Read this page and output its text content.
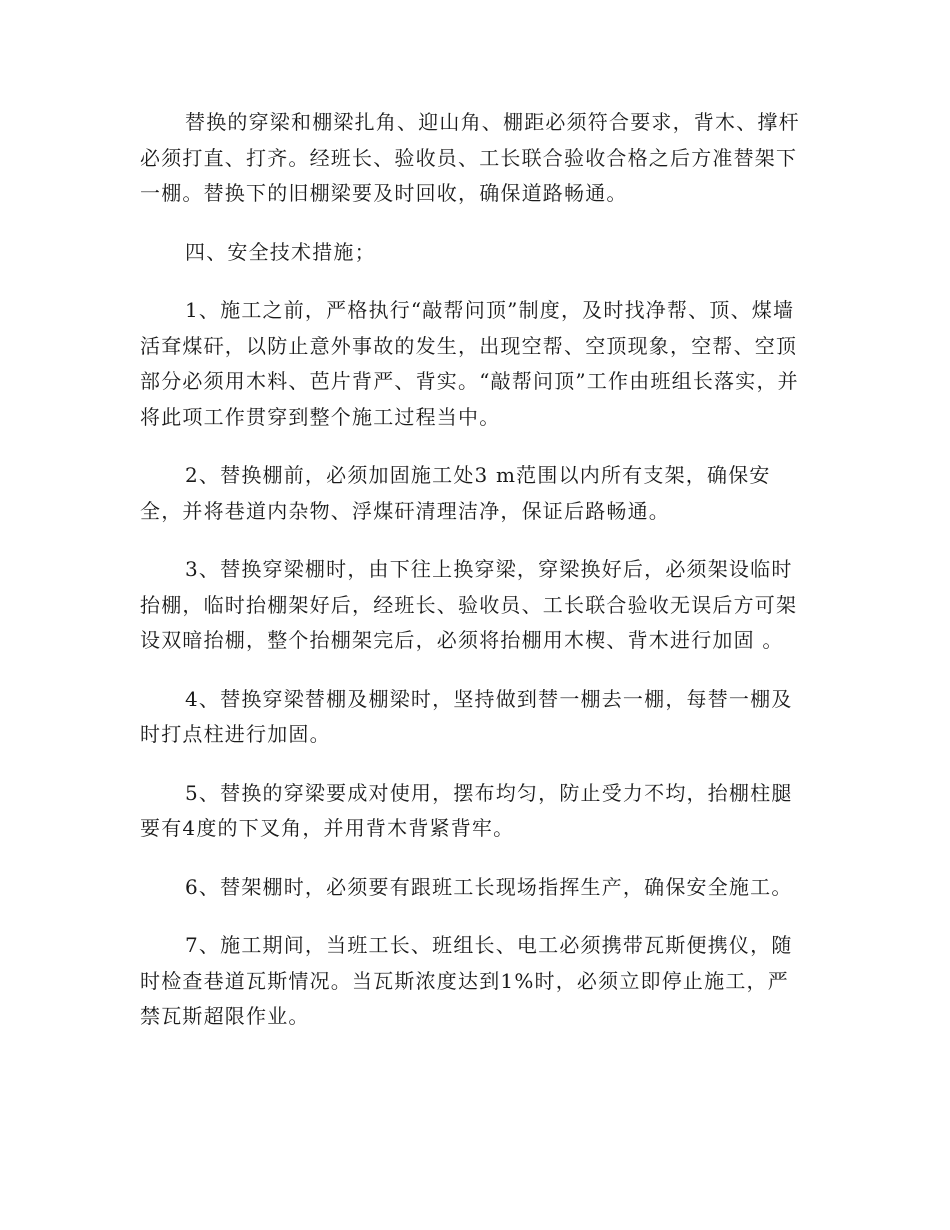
替换的穿梁和棚梁扎角、迎山角、棚距必须符合要求，背木、撑杆必须打直、打齐。经班长、验收员、工长联合验收合格之后方准替架下一棚。替换下的旧棚梁要及时回收，确保道路畅通。

四、安全技术措施；

1、施工之前，严格执行“敲帮问顶”制度，及时找净帮、顶、煤墙活耷煤矸，以防止意外事故的发生，出现空帮、空顶现象，空帮、空顶部分必须用木料、芭片背严、背实。“敲帮问顶”工作由班组长落实，并将此项工作贯穿到整个施工过程当中。

2、替换棚前，必须加固施工处3 m范围以内所有支架，确保安全，并将巷道内杂物、浮煤矸清理洁净，保证后路畅通。

3、替换穿梁棚时，由下往上换穿梁，穿梁换好后，必须架设临时抬棚，临时抬棚架好后，经班长、验收员、工长联合验收无误后方可架设双暗抬棚，整个抬棚架完后，必须将抬棚用木楔、背木进行加固 。

4、替换穿梁替棚及棚梁时，坚持做到替一棚去一棚，每替一棚及时打点柱进行加固。

5、替换的穿梁要成对使用，摆布均匀，防止受力不均，抬棚柱腿要有4度的下叉角，并用背木背紧背牢。

6、替架棚时，必须要有跟班工长现场指挥生产，确保安全施工。

7、施工期间，当班工长、班组长、电工必须携带瓦斯便携仪，随时检查巷道瓦斯情况。当瓦斯浓度达到1%时，必须立即停止施工，严禁瓦斯超限作业。
